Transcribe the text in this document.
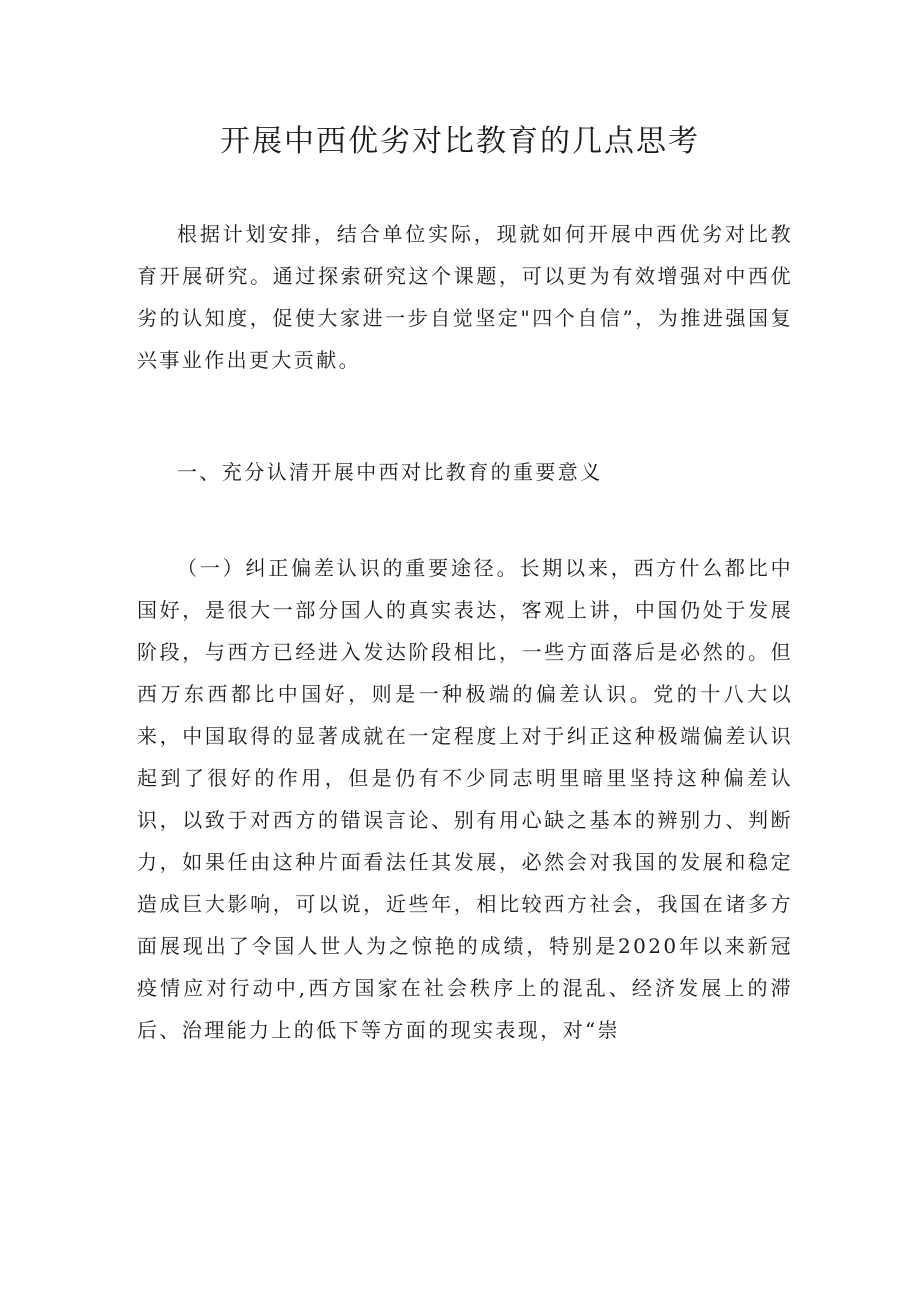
开展中西优劣对比教育的几点思考

根据计划安排，结合单位实际，现就如何开展中西优劣对比教育开展研究。通过探索研究这个课题，可以更为有效增强对中西优劣的认知度，促使大家进一步自觉坚定"四个自信”，为推进强国复兴事业作出更大贡献。

一、充分认清开展中西对比教育的重要意义

（一）纠正偏差认识的重要途径。长期以来，西方什么都比中国好，是很大一部分国人的真实表达，客观上讲，中国仍处于发展阶段，与西方已经进入发达阶段相比，一些方面落后是必然的。但西万东西都比中国好，则是一种极端的偏差认识。党的十八大以来，中国取得的显著成就在一定程度上对于纠正这种极端偏差认识起到了很好的作用，但是仍有不少同志明里暗里坚持这种偏差认识，以致于对西方的错误言论、别有用心缺之基本的辨别力、判断力，如果任由这种片面看法任其发展，必然会对我国的发展和稳定造成巨大影响，可以说，近些年，相比较西方社会，我国在诸多方面展现出了令国人世人为之惊艳的成绩，特别是2020年以来新冠疫情应对行动中,西方国家在社会秩序上的混乱、经济发展上的滞后、治理能力上的低下等方面的现实表现，对“崇
